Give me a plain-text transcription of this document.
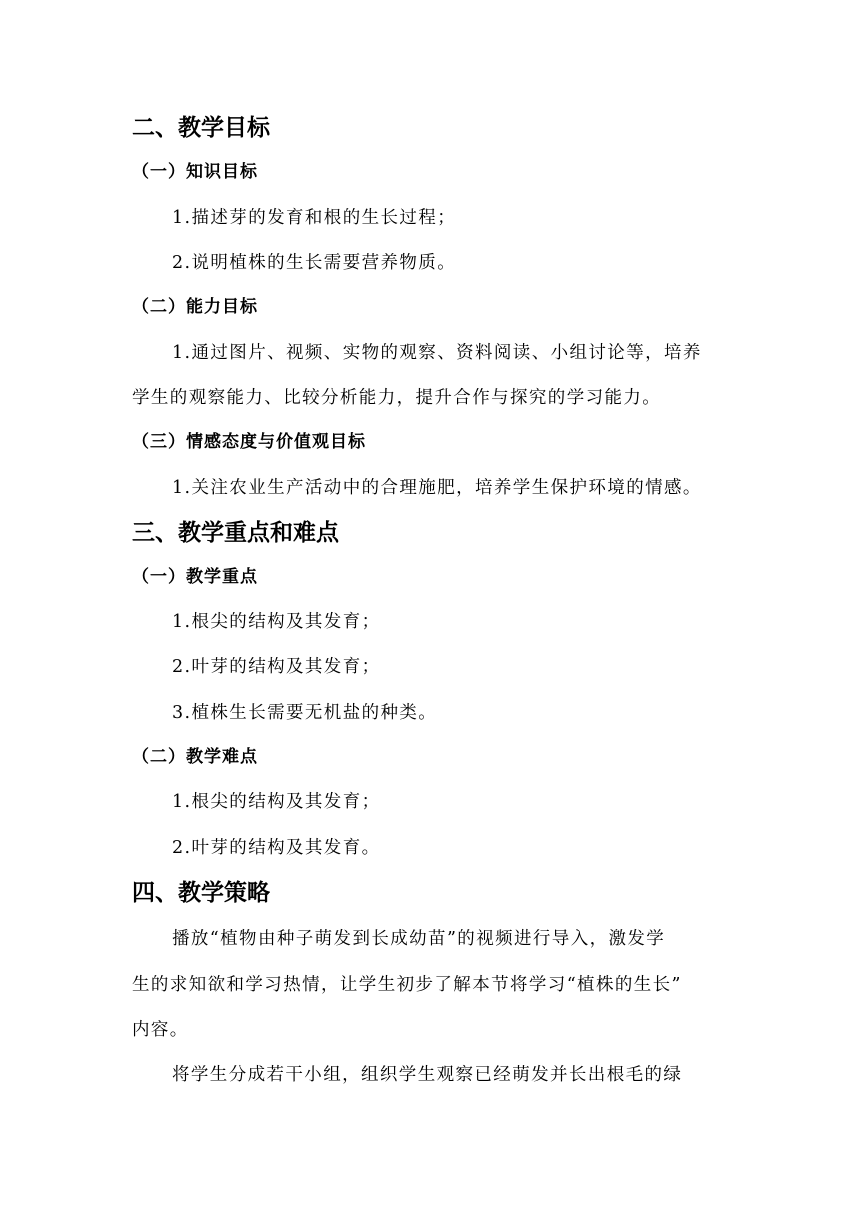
二、教学目标
（一）知识目标
1.描述芽的发育和根的生长过程；
2.说明植株的生长需要营养物质。
（二）能力目标
1.通过图片、视频、实物的观察、资料阅读、小组讨论等，培养
学生的观察能力、比较分析能力，提升合作与探究的学习能力。
（三）情感态度与价值观目标
1.关注农业生产活动中的合理施肥，培养学生保护环境的情感。
三、教学重点和难点
（一）教学重点
1.根尖的结构及其发育；
2.叶芽的结构及其发育；
3.植株生长需要无机盐的种类。
（二）教学难点
1.根尖的结构及其发育；
2.叶芽的结构及其发育。
四、教学策略
播放“植物由种子萌发到长成幼苗”的视频进行导入，激发学
生的求知欲和学习热情，让学生初步了解本节将学习“植株的生长”
内容。
将学生分成若干小组，组织学生观察已经萌发并长出根毛的绿
